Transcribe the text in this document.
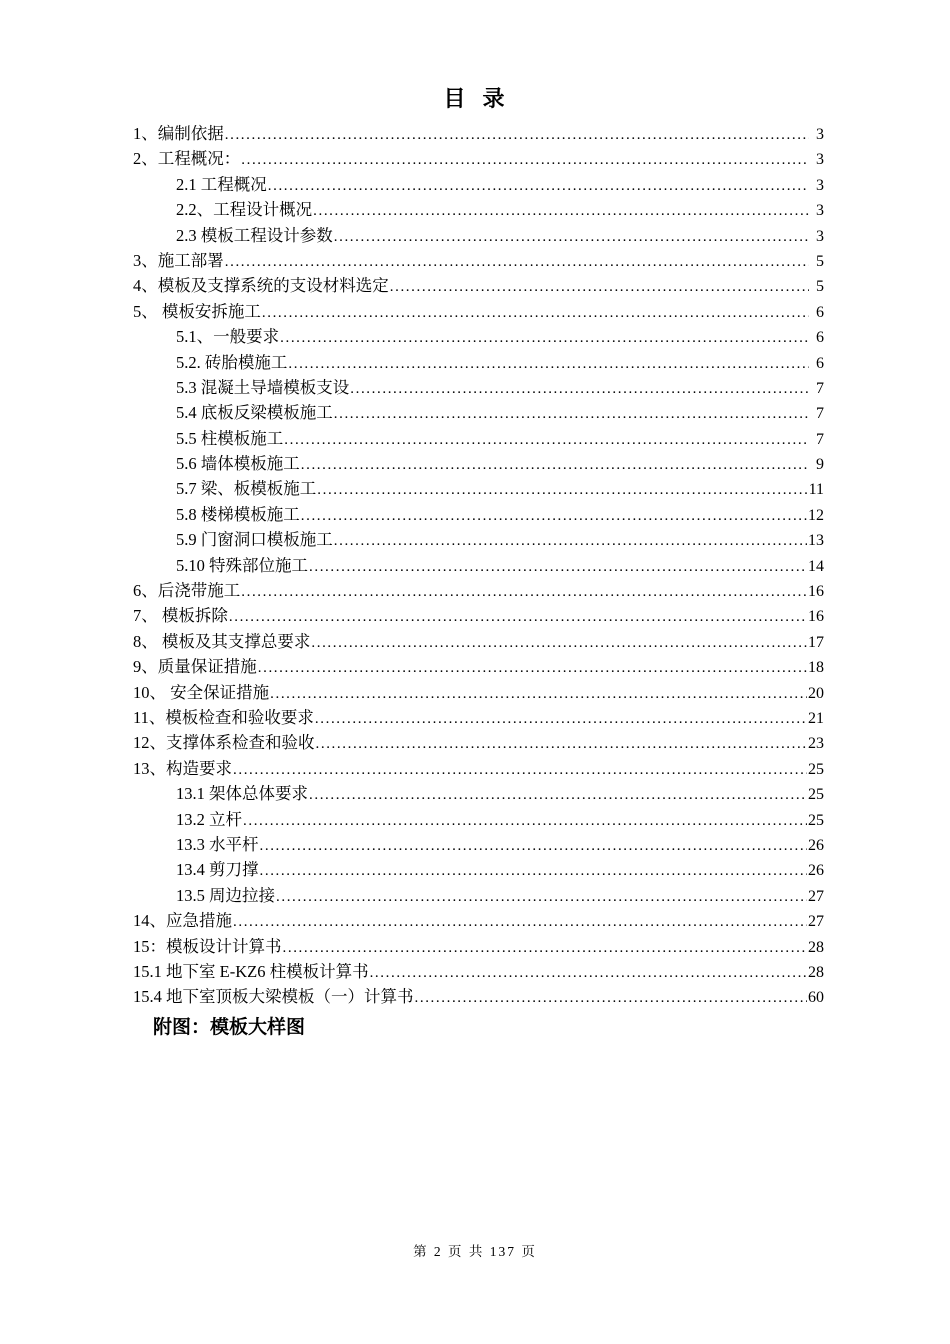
目  录
1、编制依据 .....	3
2、工程概况： .....	3
2.1 工程概况 .....	3
2.2、工程设计概况 .....	3
2.3 模板工程设计参数 .....	3
3、施工部署 .....	5
4、模板及支撑系统的支设材料选定 .....	5
5、 模板安拆施工 .....	6
5.1、一般要求 .....	6
5.2. 砖胎模施工 .....	6
5.3 混凝土导墙模板支设 .....	7
5.4 底板反梁模板施工 .....	7
5.5 柱模板施工 .....	7
5.6 墙体模板施工 .....	9
5.7 梁、板模板施工 .....	11
5.8 楼梯模板施工 .....	12
5.9 门窗洞口模板施工 .....	13
5.10 特殊部位施工 .....	14
6、后浇带施工 .....	16
7、 模板拆除 .....	16
8、 模板及其支撑总要求 .....	17
9、质量保证措施 .....	18
10、 安全保证措施 .....	20
11、模板检查和验收要求 .....	21
12、支撑体系检查和验收 .....	23
13、构造要求 .....	25
13.1 架体总体要求 .....	25
13.2 立杆 .....	25
13.3 水平杆 .....	26
13.4 剪刀撑 .....	26
13.5 周边拉接 .....	27
14、应急措施 .....	27
15：模板设计计算书 .....	28
15.1 地下室 E-KZ6 柱模板计算书 .....	28
15.4 地下室顶板大梁模板（一）计算书 .....	60
附图：模板大样图
第 2 页 共 137 页
